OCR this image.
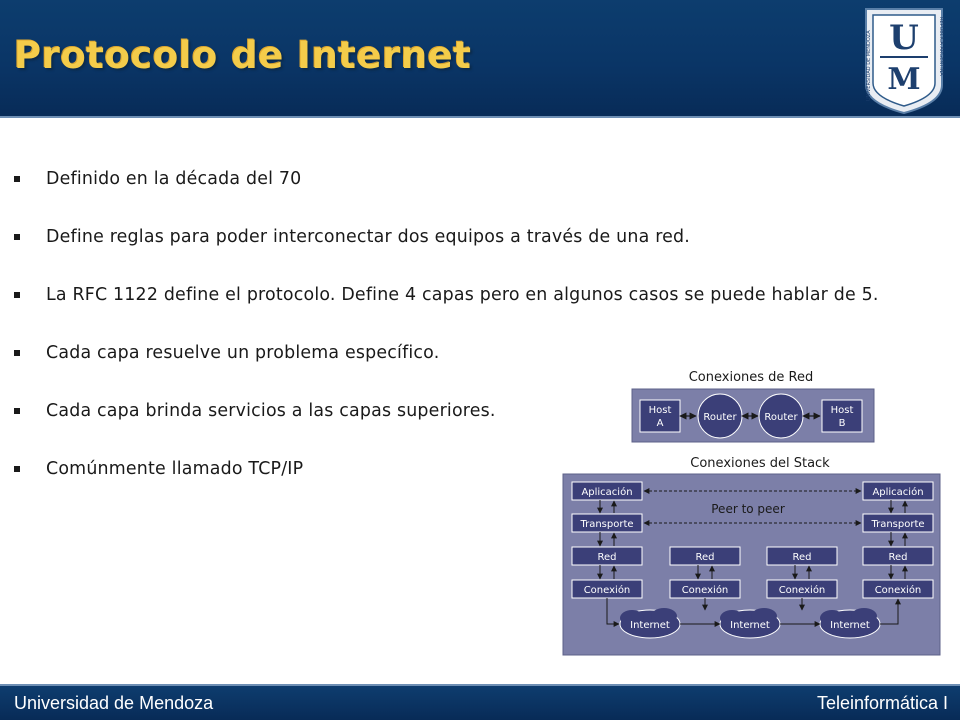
Protocolo de Internet	UNIVERSIDAD DE MENDOZA	REPUBLICA ARGENTINA
U
M
Definido en la década del 70
Define reglas para poder interconectar dos equipos a través de una red.
La RFC 1122 define el protocolo. Define 4 capas pero en algunos casos se puede hablar de 5.
Cada capa resuelve un problema específico.
Cada capa brinda servicios a las capas superiores.
Comúnmente llamado TCP/IP
Conexiones de Red
Host
A
Router	Router
Host
B
Conexiones del Stack
Aplicación
Transporte
Red
Conexión
Aplicación
Transporte
Red
Conexión
Red
Conexión
Red
Conexión
Peer to peer
Internet	Internet	Internet
Universidad de Mendoza	Teleinformática I
